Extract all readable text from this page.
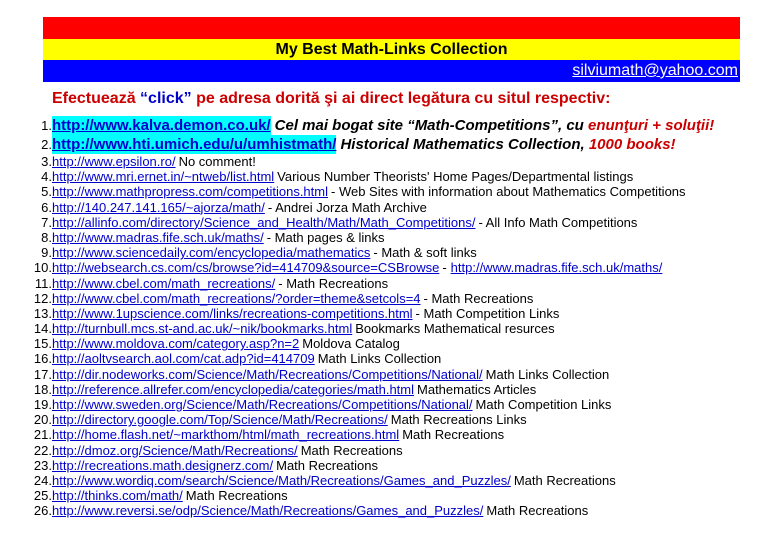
My Best Math-Links Collection
silviumath@yahoo.com
Efectuează “click” pe adresa dorită şi ai direct legătura cu situl respectiv:
1. http://www.kalva.demon.co.uk/ Cel mai bogat site “Math-Competitions”, cu enunţuri + soluţii!
2. http://www.hti.umich.edu/u/umhistmath/ Historical Mathematics Collection, 1000 books!
3. http://www.epsilon.ro/ No comment!
4. http://www.mri.ernet.in/~ntweb/list.html Various Number Theorists' Home Pages/Departmental listings
5. http://www.mathpropress.com/competitions.html - Web Sites with information about Mathematics Competitions
6. http://140.247.141.165/~ajorza/math/ - Andrei Jorza Math Archive
7. http://allinfo.com/directory/Science_and_Health/Math/Math_Competitions/ - All Info Math Competitions
8. http://www.madras.fife.sch.uk/maths/ - Math pages & links
9. http://www.sciencedaily.com/encyclopedia/mathematics - Math & soft links
10. http://websearch.cs.com/cs/browse?id=414709&source=CSBrowse - http://www.madras.fife.sch.uk/maths/
11. http://www.cbel.com/math_recreations/ - Math Recreations
12. http://www.cbel.com/math_recreations/?order=theme&setcols=4 - Math Recreations
13. http://www.1upscience.com/links/recreations-competitions.html - Math Competition Links
14. http://turnbull.mcs.st-and.ac.uk/~nik/bookmarks.html Bookmarks Mathematical resurces
15. http://www.moldova.com/category.asp?n=2 Moldova Catalog
16. http://aoltvsearch.aol.com/cat.adp?id=414709 Math Links Collection
17. http://dir.nodeworks.com/Science/Math/Recreations/Competitions/National/ Math Links Collection
18. http://reference.allrefer.com/encyclopedia/categories/math.html Mathematics Articles
19. http://www.sweden.org/Science/Math/Recreations/Competitions/National/ Math Competition Links
20. http://directory.google.com/Top/Science/Math/Recreations/ Math Recreations Links
21. http://home.flash.net/~markthom/html/math_recreations.html Math Recreations
22. http://dmoz.org/Science/Math/Recreations/ Math Recreations
23. http://recreations.math.designerz.com/ Math Recreations
24. http://www.wordiq.com/search/Science/Math/Recreations/Games_and_Puzzles/ Math Recreations
25. http://thinks.com/math/ Math Recreations
26. http://www.reversi.se/odp/Science/Math/Recreations/Games_and_Puzzles/ Math Recreations
